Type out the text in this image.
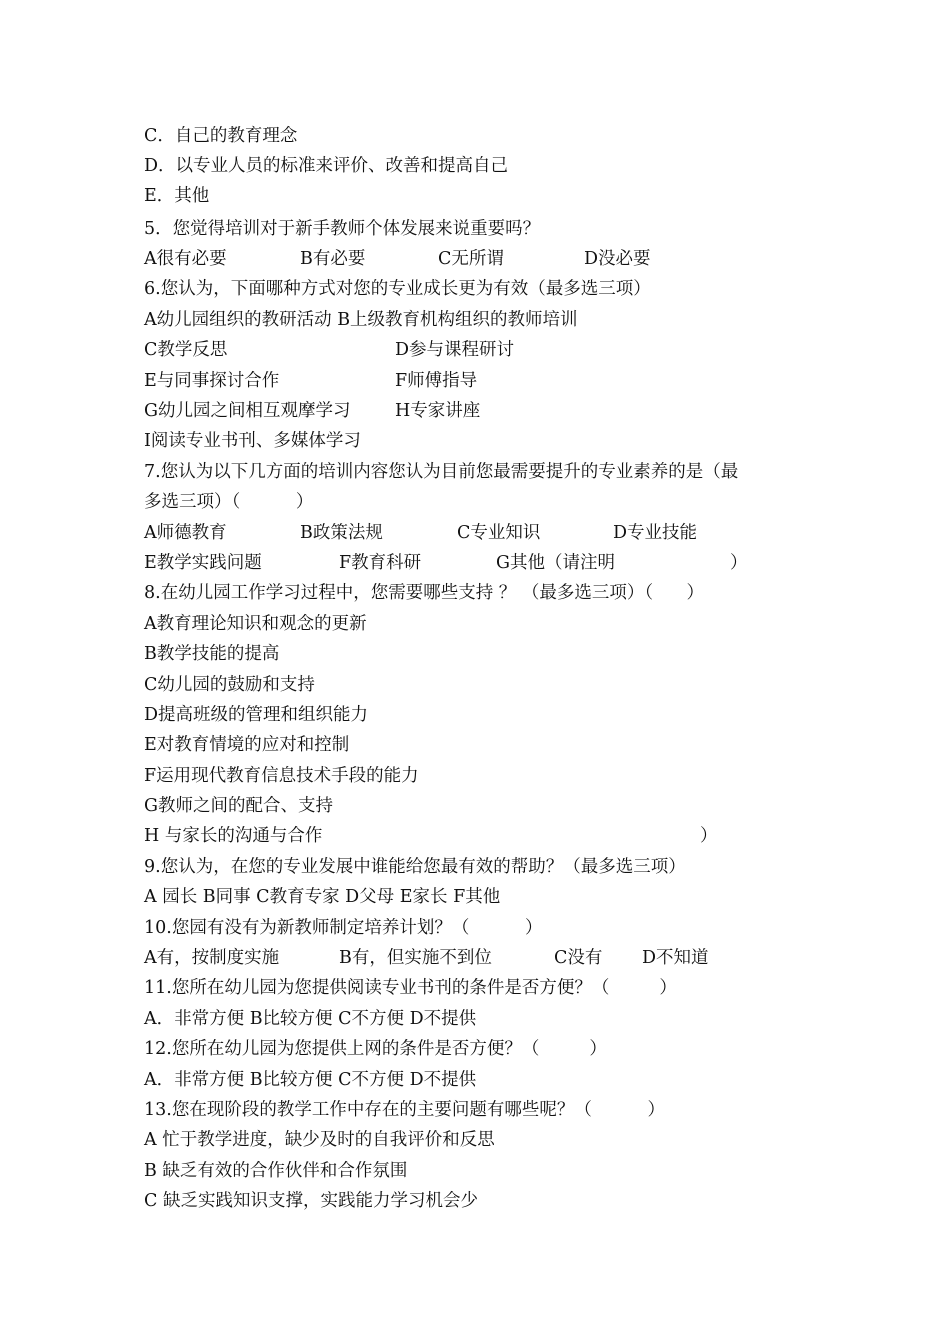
C．自己的教育理念

D．以专业人员的标准来评价、改善和提高自己

E．其他

5．您觉得培训对于新手教师个体发展来说重要吗？

A很有必要

	B有必要

	C无所谓

	D没必要

6.您认为，下面哪种方式对您的专业成长更为有效（最多选三项）

A幼儿园组织的教研活动 B上级教育机构组织的教师培训

C教学反思

	D参与课程研讨

E与同事探讨合作

	F师傅指导

G幼儿园之间相互观摩学习

	H专家讲座

I阅读专业书刊、多媒体学习

7.您认为以下几方面的培训内容您认为目前您最需要提升的专业素养的是（最

多选三项）（          ）

A师德教育

	B政策法规

	C专业知识

	D专业技能

E教学实践问题

	F教育科研

	G其他（请注明

	）

8.在幼儿园工作学习过程中，您需要哪些支持 ？ （最多选三项）（      ）

A教育理论知识和观念的更新

B教学技能的提高

C幼儿园的鼓励和支持

D提高班级的管理和组织能力

E对教育情境的应对和控制

F运用现代教育信息技术手段的能力

G教师之间的配合、支持

H 与家长的沟通与合作

	）

9.您认为，在您的专业发展中谁能给您最有效的帮助？（最多选三项）

A 园长 B同事 C教育专家 D父母 E家长 F其他

10.您园有没有为新教师制定培养计划？（          ）

A有，按制度实施

	B有，但实施不到位

	C没有

D不知道

11.您所在幼儿园为您提供阅读专业书刊的条件是否方便？（         ）

A．非常方便 B比较方便 C不方便 D不提供

12.您所在幼儿园为您提供上网的条件是否方便？（         ）

A．非常方便 B比较方便 C不方便 D不提供

13.您在现阶段的教学工作中存在的主要问题有哪些呢？（          ）

A 忙于教学进度，缺少及时的自我评价和反思

B 缺乏有效的合作伙伴和合作氛围

C 缺乏实践知识支撑，实践能力学习机会少
